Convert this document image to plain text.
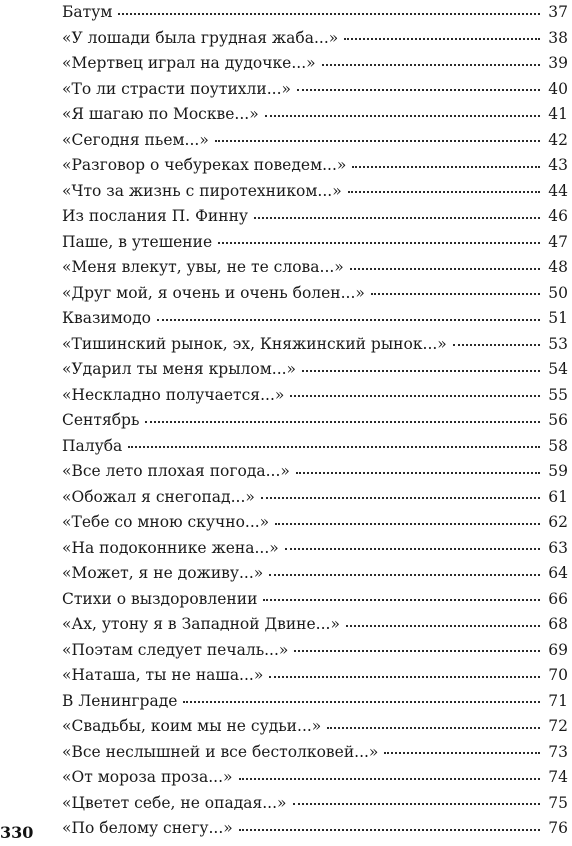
Батум	37
«У лошади была грудная жаба...»	38
«Мертвец играл на дудочке...»	39
«То ли страсти поутихли...»	40
«Я шагаю по Москве...»	41
«Сегодня пьем...»	42
«Разговор о чебуреках поведем...»	43
«Что за жизнь с пиротехником...»	44
Из послания П. Финну	46
Паше, в утешение	47
«Меня влекут, увы, не те слова...»	48
«Друг мой, я очень и очень болен...»	50
Квазимодо	51
«Тишинский рынок, эх, Княжинский рынок...»	53
«Ударил ты меня крылом...»	54
«Нескладно получается...»	55
Сентябрь	56
Палуба	58
«Все лето плохая погода...»	59
«Обожал я снегопад...»	61
«Тебе со мною скучно...»	62
«На подоконнике жена...»	63
«Может, я не доживу...»	64
Стихи о выздоровлении	66
«Ах, утону я в Западной Двине...»	68
«Поэтам следует печаль...»	69
«Наташа, ты не наша...»	70
В Ленинграде	71
«Свадьбы, коим мы не судьи...»	72
«Все неслышней и все бестолковей...»	73
«От мороза проза...»	74
«Цветет себе, не опадая...»	75
«По белому снегу...»	76
330
